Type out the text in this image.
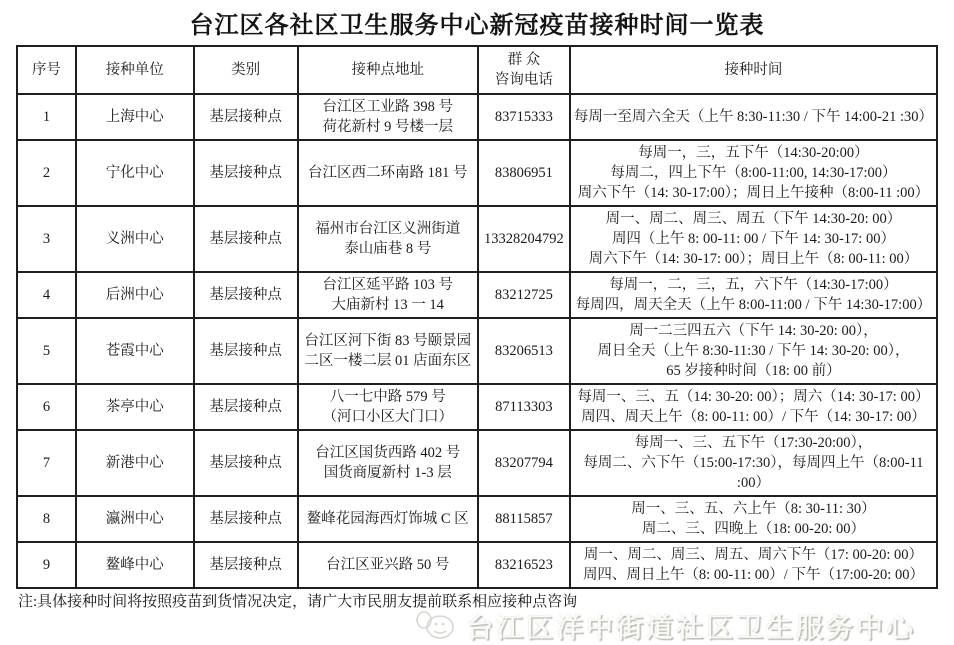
台江区各社区卫生服务中心新冠疫苗接种时间一览表
序号	接种单位	类别	接种点地址	群 众
咨询电话	接种时间

1	上海中心	基层接种点	台江区工业路 398 号
荷花新村 9 号楼一层	83715333	每周一至周六全天（上午 8:30-11:30 / 下午 14:00-21 :30）

2	宁化中心	基层接种点	台江区西二环南路 181 号	83806951	每周一，三，五下午（14:30-20:00）
每周二，四上下午（8:00-11:00, 14:30-17:00）
周六下午（14: 30-17:00）；周日上午接种（8:00-11 :00）

3	义洲中心	基层接种点	福州市台江区义洲街道
泰山庙巷 8 号	13328204792	周一、周二、周三、周五（下午 14:30-20: 00）
周四（上午 8: 00-11: 00 / 下午 14: 30-17: 00）
周六下午（14: 30-17: 00）；周日上午（8: 00-11: 00）

4	后洲中心	基层接种点	台江区延平路 103 号
大庙新村 13 一 14	83212725	每周一，二，三，五，六下午（14:30-17:00）
每周四，周天全天（上午 8:00-11:00 / 下午 14:30-17:00）

5	苍霞中心	基层接种点	台江区河下街 83 号颐景园
二区一楼二层 01 店面东区	83206513	周一二三四五六（下午 14: 30-20: 00），
周日全天（上午 8:30-11:30 / 下午 14: 30-20: 00），
65 岁接种时间（18: 00 前）

6	茶亭中心	基层接种点	八一七中路 579 号
（河口小区大门口）	87113303	每周一、三、五（14: 30-20: 00）；周六（14: 30-17: 00）
周四、周天上午（8: 00-11: 00）/ 下午（14: 30-17: 00）

7	新港中心	基层接种点	台江区国货西路 402 号
国货商厦新村 1-3 层	83207794	每周一、三、五下午（17:30-20:00），
每周二、六下午（15:00-17:30），每周四上午（8:00-11 :00）

8	瀛洲中心	基层接种点	鳌峰花园海西灯饰城 C 区	88115857	周一、三、五、六上午（8: 30-11: 30）
周二、三、四晚上（18: 00-20: 00）

9	鳌峰中心	基层接种点	台江区亚兴路 50 号	83216523	周一、周二、周三、周五、周六下午（17: 00-20: 00）
周四、周日上午（8: 00-11: 00）/ 下午（17:00-20: 00）
注:具体接种时间将按照疫苗到货情况决定，请广大市民朋友提前联系相应接种点咨询
台江区洋中街道社区卫生服务中心
